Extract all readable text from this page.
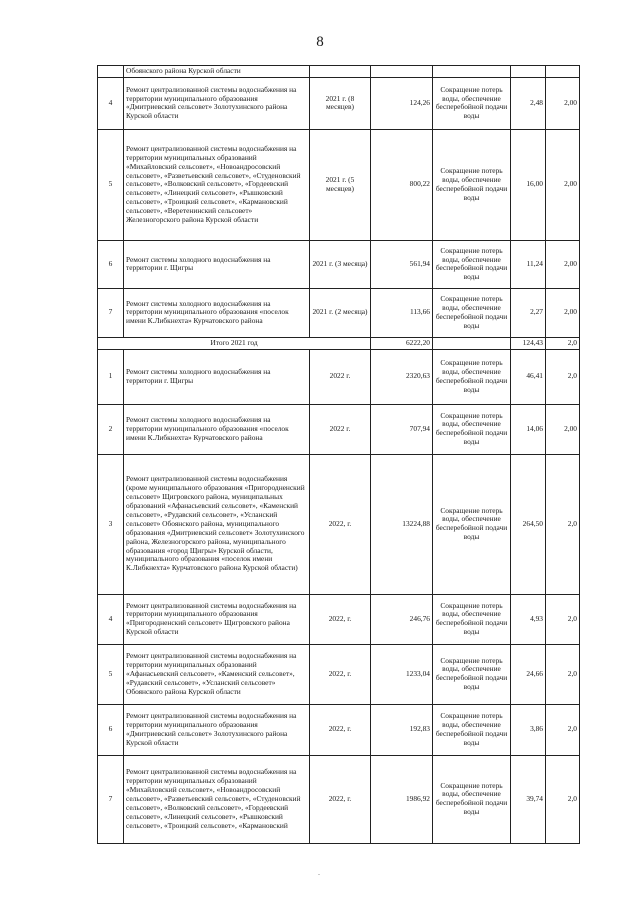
8
	Обоянского района Курской области					
4	Ремонт централизованной системы водоснабжения на территории муниципального образования «Дмитриевский сельсовет» Золотухинского района Курской области	2021 г. (8 месяцев)	124,26	Сокращение потерь воды, обеспечение бесперебойной подачи воды	2,48	2,00
5	Ремонт централизованной системы водоснабжения на территории муниципальных образований «Михайловский сельсовет», «Новоандросовский сельсовет», «Разветьевский сельсовет», «Студеновский сельсовет», «Волковский сельсовет», «Гордеевский сельсовет», «Линецкий сельсовет», «Рышковский сельсовет», «Троицкий сельсовет», «Кармановский сельсовет», «Веретенинский сельсовет» Железногорского района Курской области	2021 г. (5 месяцев)	800,22	Сокращение потерь воды, обеспечение бесперебойной подачи воды	16,00	2,00
6	Ремонт системы холодного водоснабжения на территории г. Щигры	2021 г. (3 месяца)	561,94	Сокращение потерь воды, обеспечение бесперебойной подачи воды	11,24	2,00
7	Ремонт системы холодного водоснабжения на территории муниципального образования «поселок имени К.Либкнехта» Курчатовского района	2021 г. (2 месяца)	113,66	Сокращение потерь воды, обеспечение бесперебойной подачи воды	2,27	2,00
Итого 2021 год			6222,20		124,43	2,0
1	Ремонт системы холодного водоснабжения на территории г. Щигры	2022 г.	2320,63	Сокращение потерь воды, обеспечение бесперебойной подачи воды	46,41	2,0
2	Ремонт системы холодного водоснабжения на территории муниципального образования «поселок имени К.Либкнехта» Курчатовского района	2022 г.	707,94	Сокращение потерь воды, обеспечение бесперебойной подачи воды	14,06	2,00
3	Ремонт централизованной системы водоснабжения (кроме муниципального образования «Пригородненский сельсовет» Щигровского района, муниципальных образований «Афанасьевский сельсовет», «Каменский сельсовет», «Рудавский сельсовет», «Усланский сельсовет» Обоянского района, муниципального образования «Дмитриевский сельсовет» Золотухинского района, Железногорского района, муниципального образования «город Щигры» Курской области, муниципального образования «поселок имени К.Либкнехта» Курчатовского района Курской области)	2022, г.	13224,88	Сокращение потерь воды, обеспечение бесперебойной подачи воды	264,50	2,0
4	Ремонт централизованной системы водоснабжения на территории муниципального образования «Пригородненский сельсовет» Щигровского района Курской области	2022, г.	246,76	Сокращение потерь воды, обеспечение бесперебойной подачи воды	4,93	2,0
5	Ремонт централизованной системы водоснабжения на территории муниципальных образований «Афанасьевский сельсовет», «Каменский сельсовет», «Рудавский сельсовет», «Усланский сельсовет» Обоянского района Курской области	2022, г.	1233,04	Сокращение потерь воды, обеспечение бесперебойной подачи воды	24,66	2,0
6	Ремонт централизованной системы водоснабжения на территории муниципального образования «Дмитриевский сельсовет» Золотухинского района Курской области	2022, г.	192,83	Сокращение потерь воды, обеспечение бесперебойной подачи воды	3,86	2,0
7	Ремонт централизованной системы водоснабжения на территории муниципальных образований «Михайловский сельсовет», «Новоандросовский сельсовет», «Разветьевский сельсовет», «Студеновский сельсовет», «Волковский сельсовет», «Гордеевский сельсовет», «Линецкий сельсовет», «Рышковский сельсовет», «Троицкий сельсовет», «Кармановский	2022, г.	1986,92	Сокращение потерь воды, обеспечение бесперебойной подачи воды	39,74	2,0
.
